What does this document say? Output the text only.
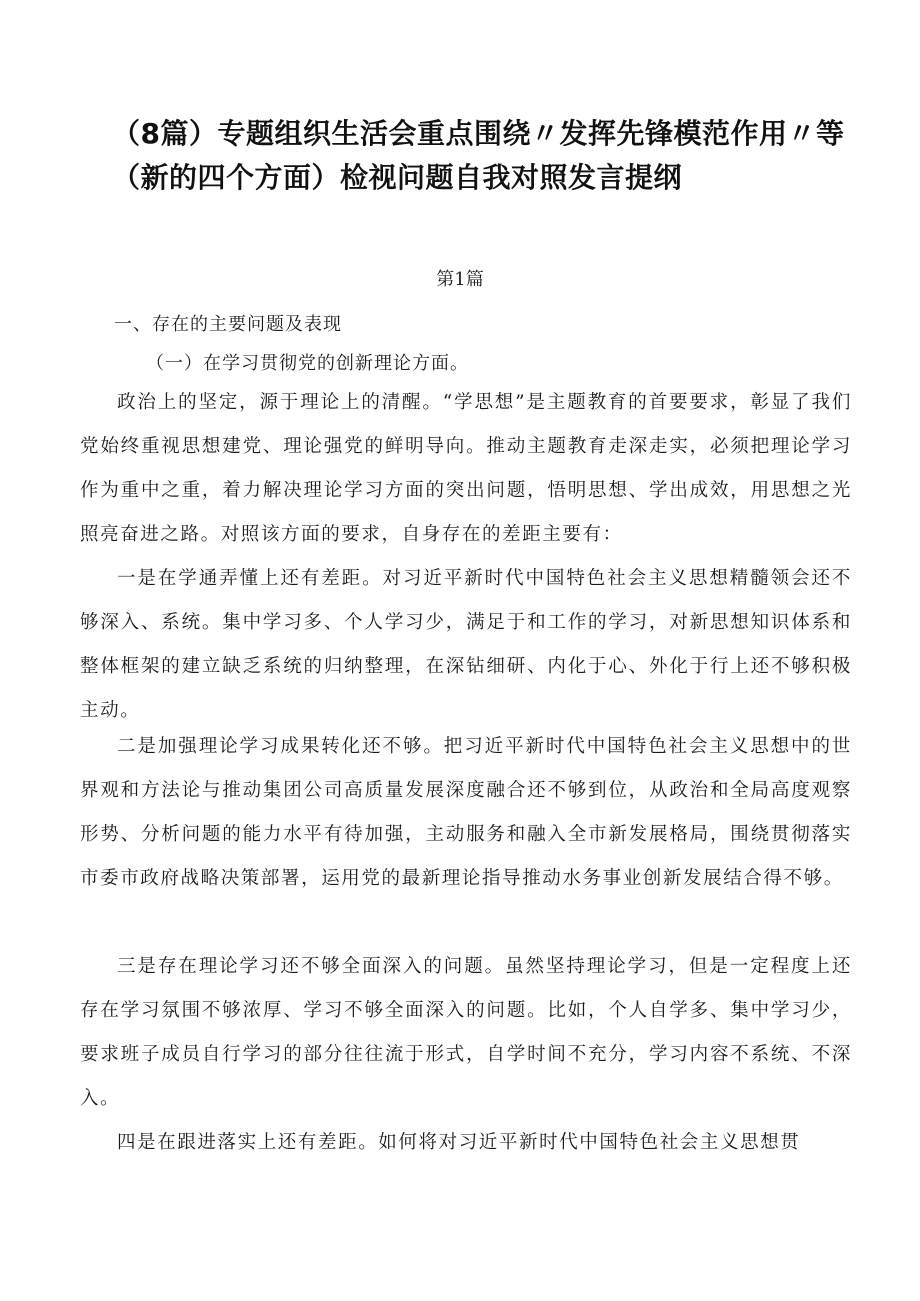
（8篇）专题组织生活会重点围绕〃发挥先锋模范作用〃等
（新的四个方面）检视问题自我对照发言提纲

第1篇

一、存在的主要问题及表现

（一）在学习贯彻党的创新理论方面。

政治上的坚定，源于理论上的清醒。“学思想”是主题教育的首要要求，彰显了我们党始终重视思想建党、理论强党的鲜明导向。推动主题教育走深走实，必须把理论学习作为重中之重，着力解决理论学习方面的突出问题，悟明思想、学出成效，用思想之光照亮奋进之路。对照该方面的要求，自身存在的差距主要有：

一是在学通弄懂上还有差距。对习近平新时代中国特色社会主义思想精髓领会还不够深入、系统。集中学习多、个人学习少，满足于和工作的学习，对新思想知识体系和整体框架的建立缺乏系统的归纳整理，在深钻细研、内化于心、外化于行上还不够积极主动。

二是加强理论学习成果转化还不够。把习近平新时代中国特色社会主义思想中的世界观和方法论与推动集团公司高质量发展深度融合还不够到位，从政治和全局高度观察形势、分析问题的能力水平有待加强，主动服务和融入全市新发展格局，围绕贯彻落实市委市政府战略决策部署，运用党的最新理论指导推动水务事业创新发展结合得不够。

三是存在理论学习还不够全面深入的问题。虽然坚持理论学习，但是一定程度上还存在学习氛围不够浓厚、学习不够全面深入的问题。比如，个人自学多、集中学习少，要求班子成员自行学习的部分往往流于形式，自学时间不充分，学习内容不系统、不深入。

四是在跟进落实上还有差距。如何将对习近平新时代中国特色社会主义思想贯
